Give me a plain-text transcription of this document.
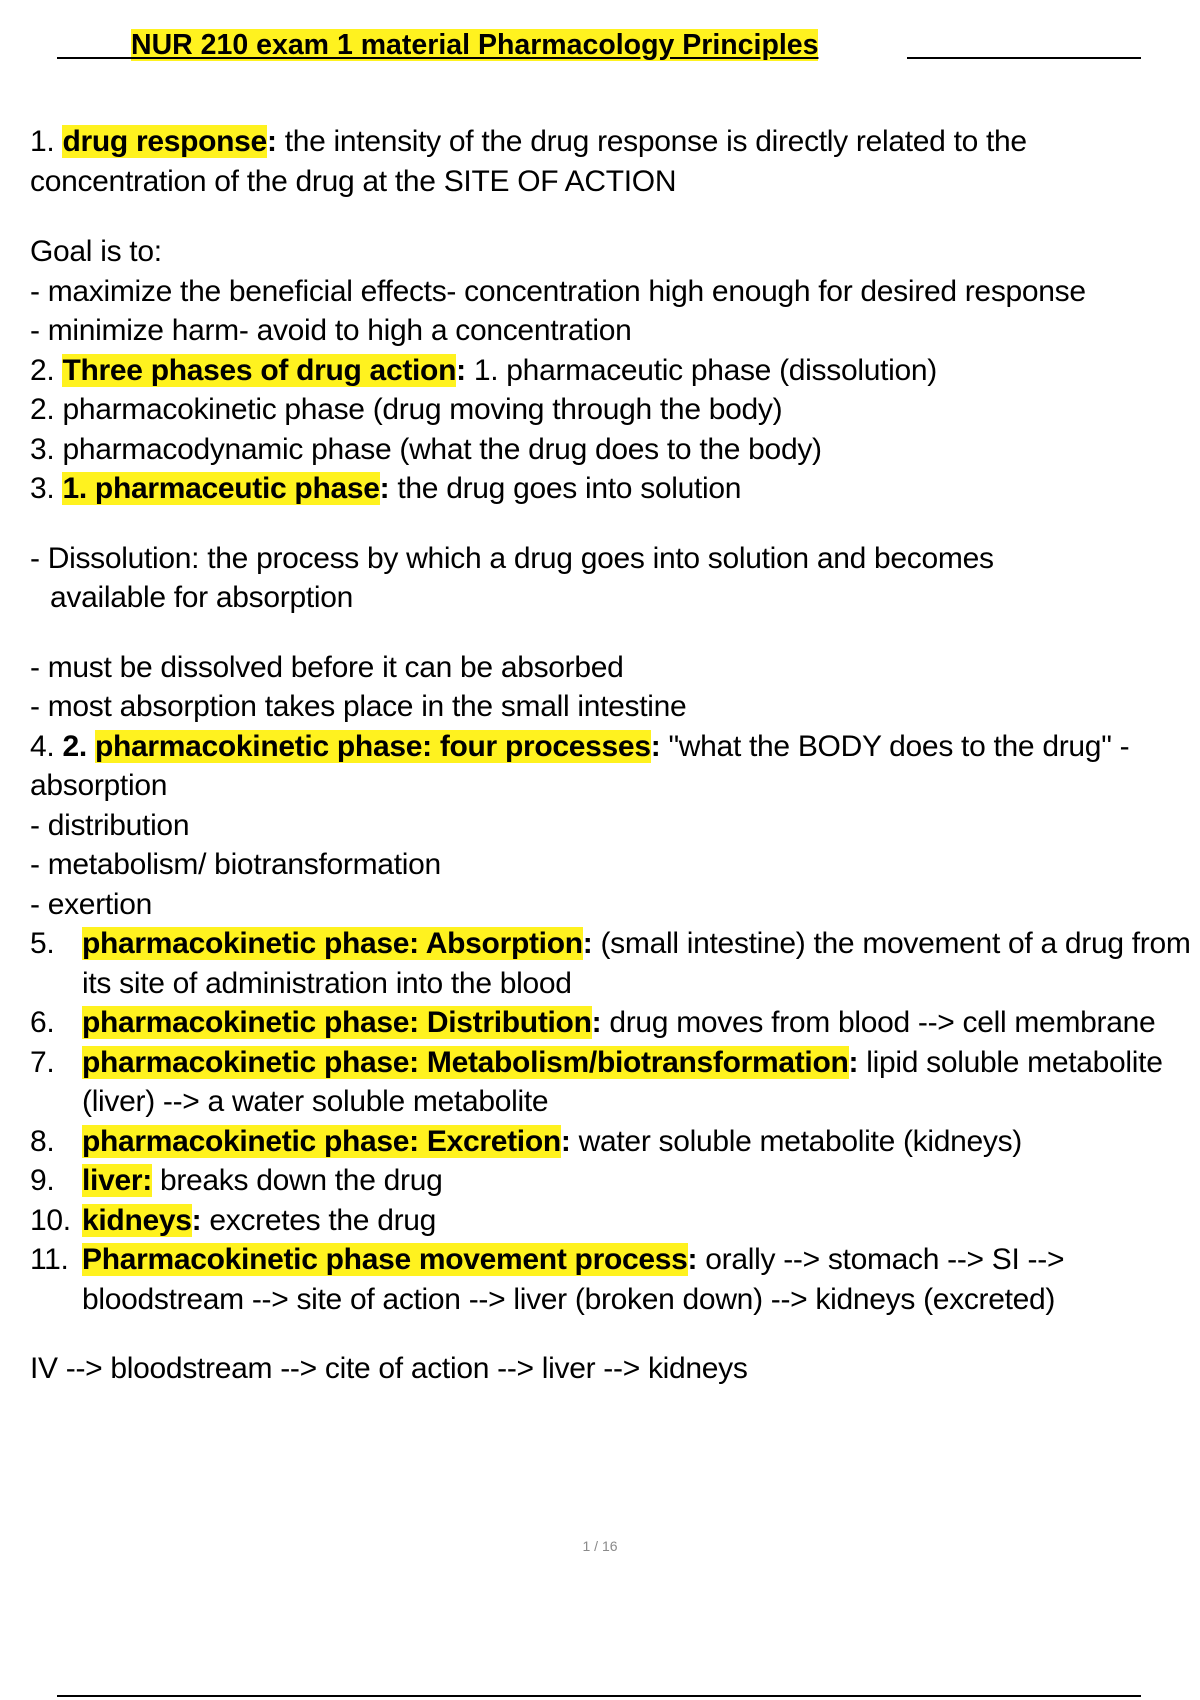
NUR 210 exam 1 material Pharmacology Principles

1. drug response: the intensity of the drug response is directly related to the concentration of the drug at the SITE OF ACTION

Goal is to:

- maximize the beneficial effects- concentration high enough for desired response

- minimize harm- avoid to high a concentration

2. Three phases of drug action: 1. pharmaceutic phase (dissolution)

2. pharmacokinetic phase (drug moving through the body)

3. pharmacodynamic phase (what the drug does to the body)

3. 1. pharmaceutic phase: the drug goes into solution

- Dissolution: the process by which a drug goes into solution and becomes

available for absorption

- must be dissolved before it can be absorbed

- most absorption takes place in the small intestine

4. 2. pharmacokinetic phase: four processes: "what the BODY does to the drug" - absorption

- distribution

- metabolism/ biotransformation

- exertion

5. pharmacokinetic phase: Absorption: (small intestine) the movement of a drug from its site of administration into the blood
6. pharmacokinetic phase: Distribution: drug moves from blood --> cell membrane
7. pharmacokinetic phase: Metabolism/biotransformation: lipid soluble metabolite (liver) --> a water soluble metabolite
8. pharmacokinetic phase: Excretion: water soluble metabolite (kidneys)
9. liver: breaks down the drug
10. kidneys: excretes the drug
11. Pharmacokinetic phase movement process: orally --> stomach --> SI --> bloodstream --> site of action --> liver (broken down) --> kidneys (excreted)

IV --> bloodstream --> cite of action --> liver --> kidneys

1 / 16
